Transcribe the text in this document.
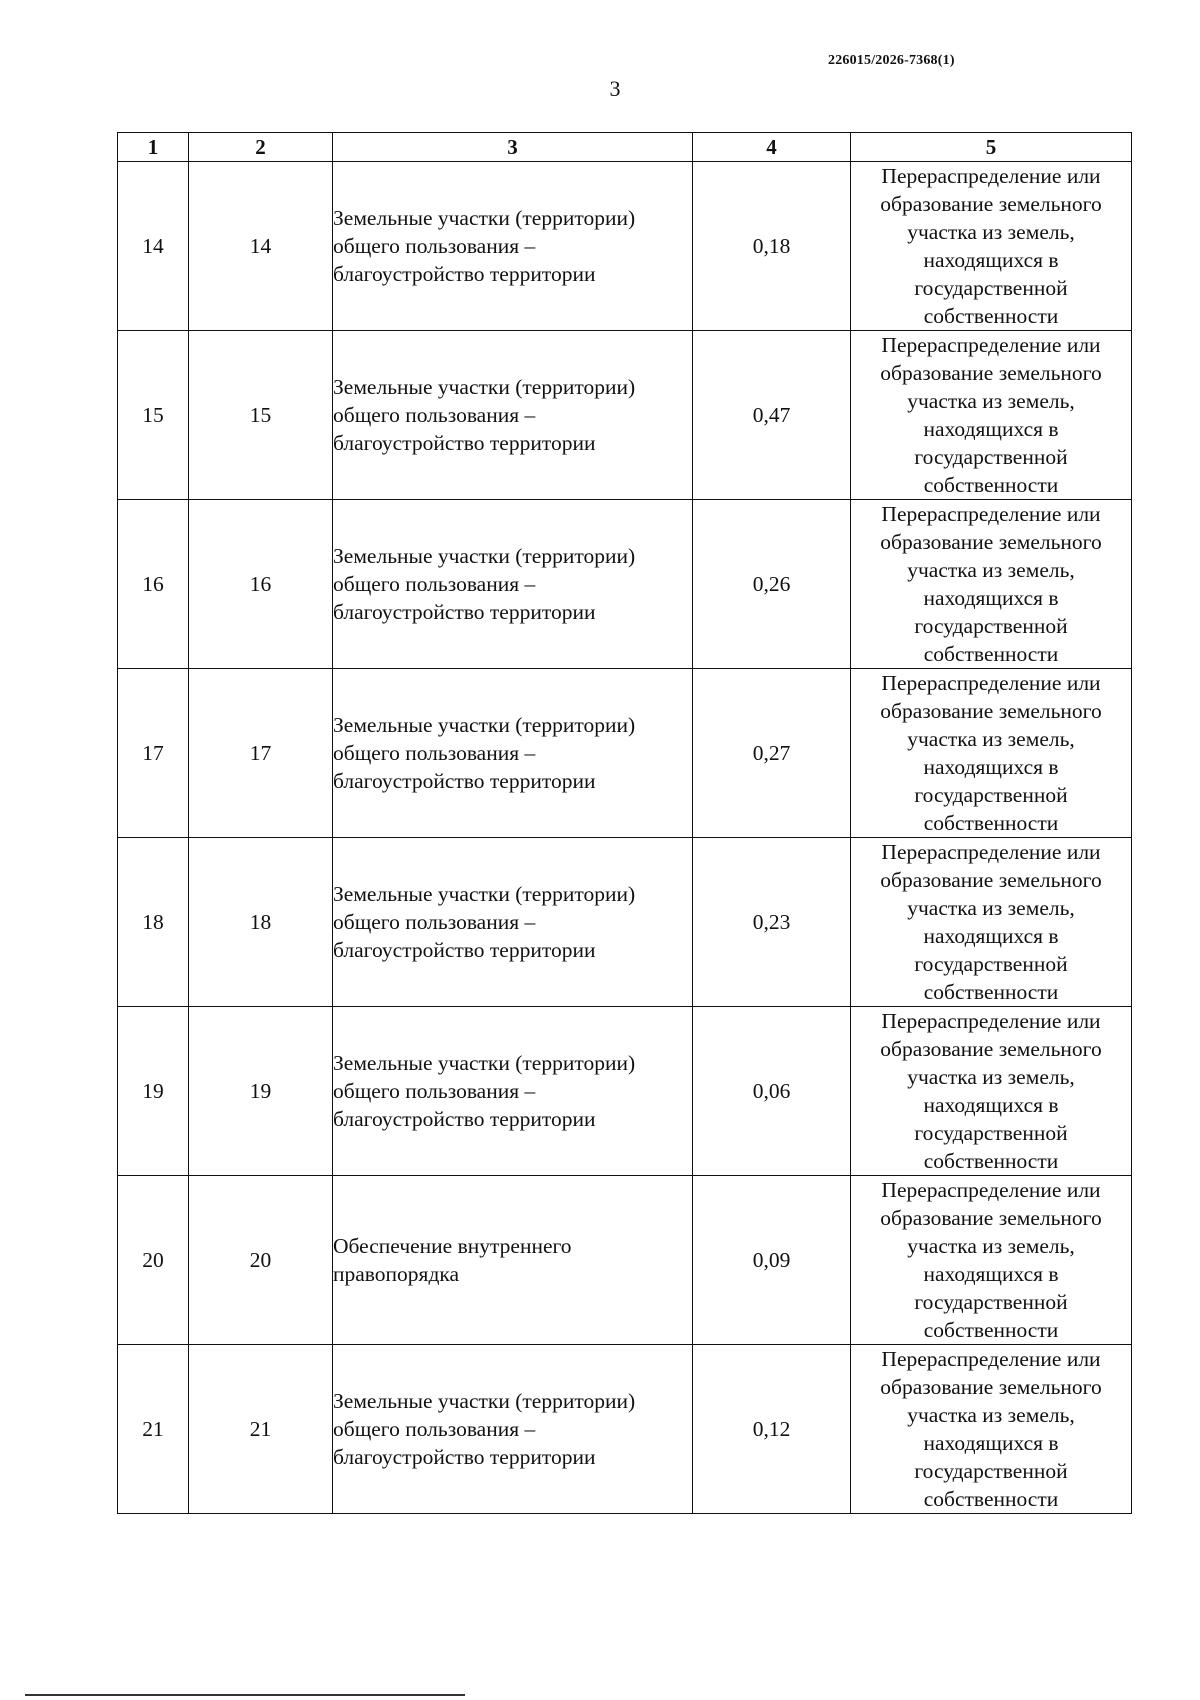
226015/2026-7368(1)
3
1	2	3	4	5
14	14	Земельные участки (территории) общего пользования – благоустройство территории	0,18	Перераспределение или образование земельного участка из земель, находящихся в государственной собственности
15	15	Земельные участки (территории) общего пользования – благоустройство территории	0,47	Перераспределение или образование земельного участка из земель, находящихся в государственной собственности
16	16	Земельные участки (территории) общего пользования – благоустройство территории	0,26	Перераспределение или образование земельного участка из земель, находящихся в государственной собственности
17	17	Земельные участки (территории) общего пользования – благоустройство территории	0,27	Перераспределение или образование земельного участка из земель, находящихся в государственной собственности
18	18	Земельные участки (территории) общего пользования – благоустройство территории	0,23	Перераспределение или образование земельного участка из земель, находящихся в государственной собственности
19	19	Земельные участки (территории) общего пользования – благоустройство территории	0,06	Перераспределение или образование земельного участка из земель, находящихся в государственной собственности
20	20	Обеспечение внутреннего правопорядка	0,09	Перераспределение или образование земельного участка из земель, находящихся в государственной собственности
21	21	Земельные участки (территории) общего пользования – благоустройство территории	0,12	Перераспределение или образование земельного участка из земель, находящихся в государственной собственности
